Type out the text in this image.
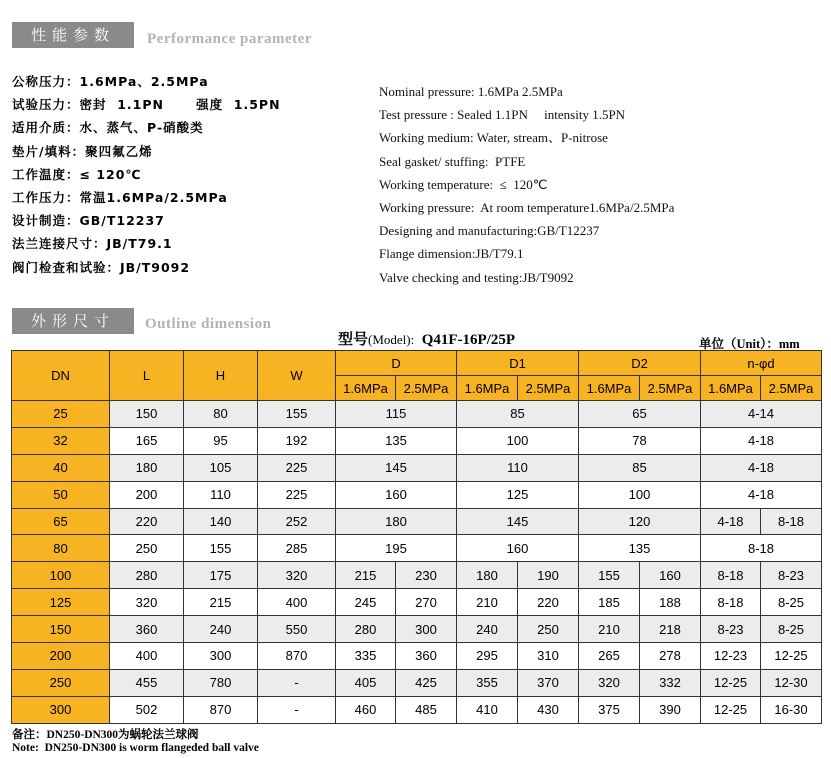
性能参数	Performance parameter
公称压力：1.6MPa、2.5MPa
试验压力：密封  1.1PN      强度  1.5PN
适用介质：水、蒸气、P-硝酸类
垫片/填料：聚四氟乙烯
工作温度：≤ 120℃
工作压力：常温1.6MPa/2.5MPa
设计制造：GB/T12237
法兰连接尺寸：JB/T79.1
阀门检查和试验：JB/T9092
Nominal pressure: 1.6MPa 2.5MPa
Test pressure : Sealed 1.1PN     intensity 1.5PN
Working medium: Water, stream、P-nitrose
Seal gasket/ stuffing:  PTFE
Working temperature:  ≤  120℃
Working pressure:  At room temperature1.6MPa/2.5MPa
Designing and manufacturing:GB/T12237
Flange dimension:JB/T79.1
Valve checking and testing:JB/T9092
外形尺寸	Outline dimension
型号(Model): Q41F-16P/25P	单位（Unit）：mm
DN	L	H	W	D		D1		D2		n-φd	
				1.6MPa	2.5MPa	1.6MPa	2.5MPa	1.6MPa	2.5MPa	1.6MPa	2.5MPa
25	150	80	155	115		85		65		4-14	
32	165	95	192	135		100		78		4-18	
40	180	105	225	145		110		85		4-18	
50	200	110	225	160		125		100		4-18	
65	220	140	252	180		145		120		4-18	8-18
80	250	155	285	195		160		135		8-18	
100	280	175	320	215	230	180	190	155	160	8-18	8-23
125	320	215	400	245	270	210	220	185	188	8-18	8-25
150	360	240	550	280	300	240	250	210	218	8-23	8-25
200	400	300	870	335	360	295	310	265	278	12-23	12-25
250	455	780	-	405	425	355	370	320	332	12-25	12-30
300	502	870	-	460	485	410	430	375	390	12-25	16-30
备注：DN250-DN300为蜗轮法兰球阀
Note:  DN250-DN300 is worm flangeded ball valve
